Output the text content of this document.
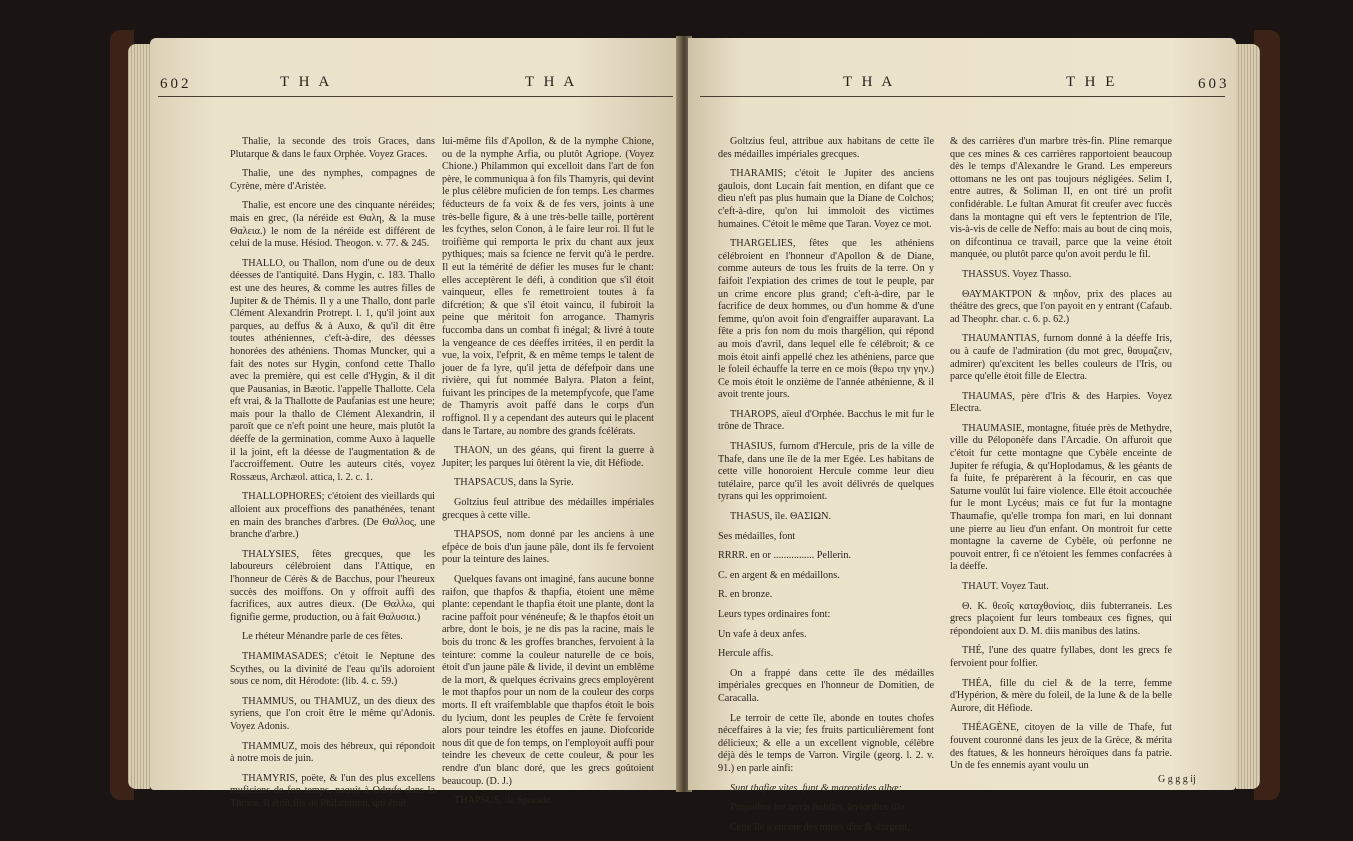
602	T H A	T H A

Thalie, la seconde des trois Graces, dans Plutarque & dans le faux Orphée. Voyez Graces.

Thalie, une des nymphes, compagnes de Cyrène, mère d'Aristée.

Thalie, est encore une des cinquante néréides; mais en grec, (la néréide est Θαλη, & la muse Θαλεια.) le nom de la néréide est différent de celui de la muse. Hésiod. Theogon. v. 77. & 245.

THALLO, ou Thallon, nom d'une ou de deux déesses de l'antiquité. Dans Hygin, c. 183. Thallo est une des heures, & comme les autres filles de Jupiter & de Thémis. Il y a une Thallo, dont parle Clément Alexandrin Protrept. l. 1, qu'il joint aux parques, au deffus & à Auxo, & qu'il dit être toutes athéniennes, c'eft-à-dire, des déesses honorées des athéniens. Thomas Muncker, qui a fait des notes sur Hygin, confond cette Thallo avec la première, qui est celle d'Hygin, & il dit que Pausanias, in Bæotic. l'appelle Thallotte. Cela eft vrai, & la Thallotte de Paufanias est une heure; mais pour la thallo de Clément Alexandrin, il paroît que ce n'eft point une heure, mais plutôt la déeffe de la germination, comme Auxo à laquelle il la joint, eft la déesse de l'augmentation & de l'accroiffement. Outre les auteurs cités, voyez Rossæus, Archæol. attica, l. 2. c. 1.

THALLOPHORES; c'étoient des vieillards qui alloient aux proceffions des panathénées, tenant en main des branches d'arbres. (De Θαλλος, une branche d'arbre.)

THALYSIES, fêtes grecques, que les laboureurs célébroient dans l'Attique, en l'honneur de Cérès & de Bacchus, pour l'heureux succès des moiffons. On y offroit auffi des facrifices, aux autres dieux. (De Θαλλω, qui fignifie germe, production, ou à fait Θαλυσια.)

Le rhéteur Ménandre parle de ces fêtes.

THAMIMASADES; c'étoit le Neptune des Scythes, ou la divinité de l'eau qu'ils adoroient sous ce nom, dit Hérodote: (lib. 4. c. 59.)

THAMMUS, ou THAMUZ, un des dieux des syriens, que l'on croit être le même qu'Adonis. Voyez Adonis.

THAMMUZ, mois des hébreux, qui répondoit à notre mois de juin.

THAMYRIS, poëte, & l'un des plus excellens muficiens de fon temps, naquit à Odryfe dans la Thrace. Il étoit fils de Philammon, qui étoit

lui-même fils d'Apollon, & de la nymphe Chione, ou de la nymphe Arfia, ou plutôt Agriope. (Voyez Chione.) Philammon qui excelloit dans l'art de fon père, le communiqua à fon fils Thamyris, qui devint le plus célèbre muficien de fon temps. Les charmes féducteurs de fa voix & de fes vers, joints à une très-belle figure, & à une très-belle taille, portèrent les fcythes, selon Conon, à le faire leur roi. Il fut le troifième qui remporta le prix du chant aux jeux pythiques; mais sa fcience ne fervit qu'à le perdre. Il eut la témérité de défier les muses fur le chant: elles acceptèrent le défi, à condition que s'il étoit vainqueur, elles fe remettroient toutes à fa difcrétion; & que s'il étoit vaincu, il fubiroit la peine que méritoit fon arrogance. Thamyris fuccomba dans un combat fi inégal; & livré à toute la vengeance de ces déeffes irritées, il en perdit la vue, la voix, l'efprit, & en même temps le talent de jouer de fa lyre, qu'il jetta de défefpoir dans une rivière, qui fut nommée Balyra. Platon a feint, fuivant les principes de la metempfycofe, que l'ame de Thamyris avoit paffé dans le corps d'un roffignol. Il y a cependant des auteurs qui le placent dans le Tartare, au nombre des grands fcélérats.

THAON, un des géans, qui firent la guerre à Jupiter; les parques lui ôtèrent la vie, dit Héfiode.

THAPSACUS, dans la Syrie.

Goltzius feul attribue des médailles impériales grecques à cette ville.

THAPSOS, nom donné par les anciens à une efpèce de bois d'un jaune pâle, dont ils fe fervoient pour la teinture des laines.

Quelques favans ont imaginé, fans aucune bonne raifon, que thapfos & thapfia, étoient une même plante: cependant le thapfia étoit une plante, dont la racine paffoit pour vénéneufe; & le thapfos étoit un arbre, dont le bois, je ne dis pas la racine, mais le bois du tronc & les groffes branches, fervoient à la teinture: comme la couleur naturelle de ce bois, étoit d'un jaune pâle & livide, il devint un emblême de la mort, & quelques écrivains grecs employèrent le mot thapfos pour un nom de la couleur des corps morts. Il eft vraifemblable que thapfos étoit le bois du lycium, dont les peuples de Crète fe fervoient alors pour teindre les étoffes en jaune. Diofcoride nous dit que de fon temps, on l'employoit auffi pour teindre les cheveux de cette couleur, & pour les rendre d'un blanc doré, que les grecs goûtoient beaucoup. (D. J.)

THAPSUS, ile Sporade.

T H A	T H E	603

Goltzius feul, attribue aux habitans de cette île des médailles impériales grecques.

THARAMIS; c'étoit le Jupiter des anciens gaulois, dont Lucain fait mention, en difant que ce dieu n'eft pas plus humain que la Diane de Colchos; c'eft-à-dire, qu'on lui immoloit des victimes humaines. C'étoit le même que Taran. Voyez ce mot.

THARGELIES, fêtes que les athéniens célébroient en l'honneur d'Apollon & de Diane, comme auteurs de tous les fruits de la terre. On y faifoit l'expiation des crimes de tout le peuple, par un crime encore plus grand; c'eft-à-dire, par le facrifice de deux hommes, ou d'un homme & d'une femme, qu'on avoit foin d'engraiffer auparavant. La fête a pris fon nom du mois thargélion, qui répond au mois d'avril, dans lequel elle fe célébroit; & ce mois étoit ainfi appellé chez les athéniens, parce que le foleil échauffe la terre en ce mois (θερω την γην.) Ce mois étoit le onzième de l'année athénienne, & il avoit trente jours.

THAROPS, aïeul d'Orphée. Bacchus le mit fur le trône de Thrace.

THASIUS, furnom d'Hercule, pris de la ville de Thafe, dans une île de la mer Egée. Les habitans de cette ville honoroient Hercule comme leur dieu tutélaire, parce qu'il les avoit délivrés de quelques tyrans qui les opprimoient.

THASUS, île. ΘΑΣΙΩΝ.

Ses médailles, font

RRRR. en or ................ Pellerin.

C. en argent & en médaillons.

R. en bronze.

Leurs types ordinaires font:

Un vafe à deux anfes.

Hercule affis.

On a frappé dans cette île des médailles impériales grecques en l'honneur de Domitien, de Caracalla.

Le terroir de cette île, abonde en toutes chofes néceffaires à la vie; fes fruits particulièrement font délicieux; & elle a un excellent vignoble, célèbre déjà dès le temps de Varron. Virgile (georg. l. 2. v. 91.) en parle ainfi:

Sunt thafiæ vites, funt & mareotides albæ:

Pinguibus hæ terris habiles, levioribus illa.

Cette île a encore des mines d'or & d'argent,

& des carrières d'un marbre très-fin. Pline remarque que ces mines & ces carrières rapportoient beaucoup dès le temps d'Alexandre le Grand. Les empereurs ottomans ne les ont pas toujours négligées. Selim I, entre autres, & Soliman II, en ont tiré un profit confidérable. Le fultan Amurat fit creufer avec fuccès dans la montagne qui eft vers le feptentrion de l'île, vis-à-vis de celle de Neffo: mais au bout de cinq mois, on difcontinua ce travail, parce que la veine étoit manquée, ou plutôt parce qu'on avoit perdu le fil.

THASSUS. Voyez Thasso.

ΘΑΥΜΑΚΤΡΟΝ & πηδον, prix des places au théâtre des grecs, que l'on payoit en y entrant (Cafaub. ad Theophr. char. c. 6. p. 62.)

THAUMANTIAS, furnom donné à la déeffe Iris, ou à caufe de l'admiration (du mot grec, θαυμαζειν, admirer) qu'excitent les belles couleurs de l'Iris, ou parce qu'elle étoit fille de Electra.

THAUMAS, père d'Iris & des Harpies. Voyez Electra.

THAUMASIE, montagne, fituée près de Methydre, ville du Péloponèfe dans l'Arcadie. On affuroit que c'étoit fur cette montagne que Cybèle enceinte de Jupiter fe réfugia, & qu'Hoplodamus, & les géants de fa fuite, fe préparèrent à la fécourir, en cas que Saturne voulût lui faire violence. Elle étoit accouchée fur le mont Lycéus; mais ce fut fur la montagne Thaumafie, qu'elle trompa fon mari, en lui donnant une pierre au lieu d'un enfant. On montroit fur cette montagne la caverne de Cybèle, où perfonne ne pouvoit entrer, fi ce n'étoient les femmes confacrées à la déeffe.

THAUT. Voyez Taut.

Θ. Κ. θεοῖς καταχθονίοις, diis fubterraneis. Les grecs plaçoient fur leurs tombeaux ces fignes, qui répondoient aux D. M. diis manibus des latins.

THÉ, l'une des quatre fyllabes, dont les grecs fe fervoient pour folfier.

THÉA, fille du ciel & de la terre, femme d'Hypérion, & mère du foleil, de la lune & de la belle Aurore, dit Héfiode.

THÉAGÈNE, citoyen de la ville de Thafe, fut fouvent couronné dans les jeux de la Grèce, & mérita des ftatues, & les honneurs héroïques dans fa patrie. Un de fes ennemis ayant voulu un

G g g g ij
